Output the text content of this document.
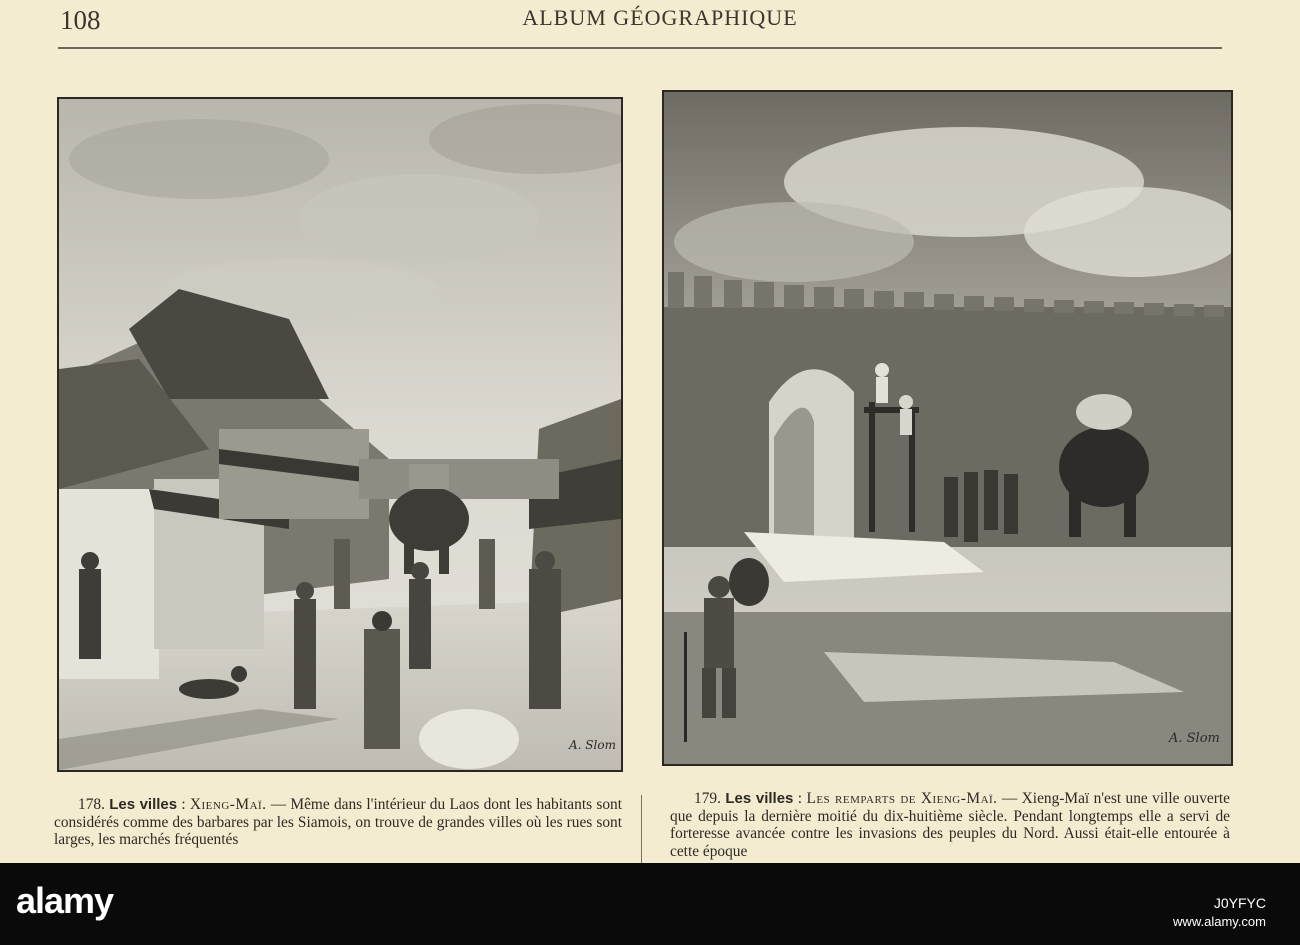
108	ALBUM GÉOGRAPHIQUE
A. Slom	A. Slom
178. Les villes : Xieng-Maï. — Même dans l'intérieur du Laos dont les habitants sont considérés comme des barbares par les Siamois, on trouve de grandes villes où les rues sont larges, les marchés fréquentés
179. Les villes : Les remparts de Xieng-Maï. — Xieng-Maï n'est une ville ouverte que depuis la dernière moitié du dix-huitième siècle. Pendant longtemps elle a servi de forteresse avancée contre les invasions des peuples du Nord. Aussi était-elle entourée à cette époque
alamy	J0YFYC
www.alamy.com
